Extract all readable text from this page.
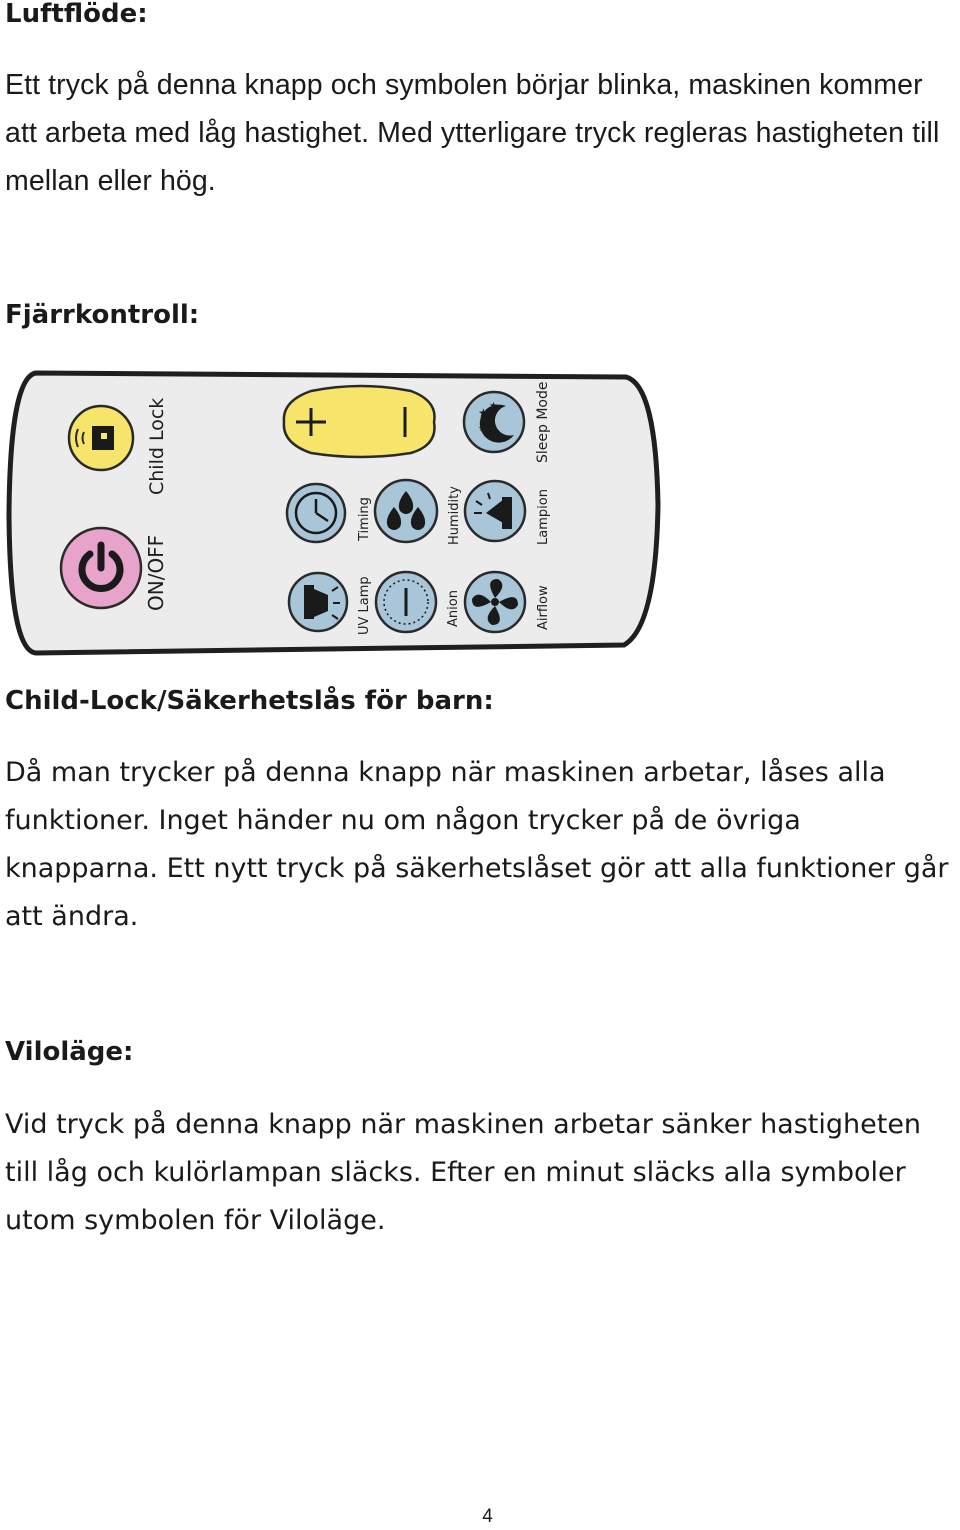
Luftflöde:

Ett tryck på denna knapp och symbolen börjar blinka, maskinen kommer att arbeta med låg hastighet. Med ytterligare tryck regleras hastigheten till mellan eller hög.

Fjärrkontroll:
Child Lock
ON/OFF
★ ★
★	Sleep Mode
Timing	Humidity	Lampion
UV Lamp	Anion	Airflow
Child-Lock/Säkerhetslås för barn:

Då man trycker på denna knapp när maskinen arbetar, låses alla funktioner. Inget händer nu om någon trycker på de övriga knapparna. Ett nytt tryck på säkerhetslåset gör att alla funktioner går att ändra.

Viloläge:

Vid tryck på denna knapp när maskinen arbetar sänker hastigheten till låg och kulörlampan släcks. Efter en minut släcks alla symboler utom symbolen för Viloläge.

4
